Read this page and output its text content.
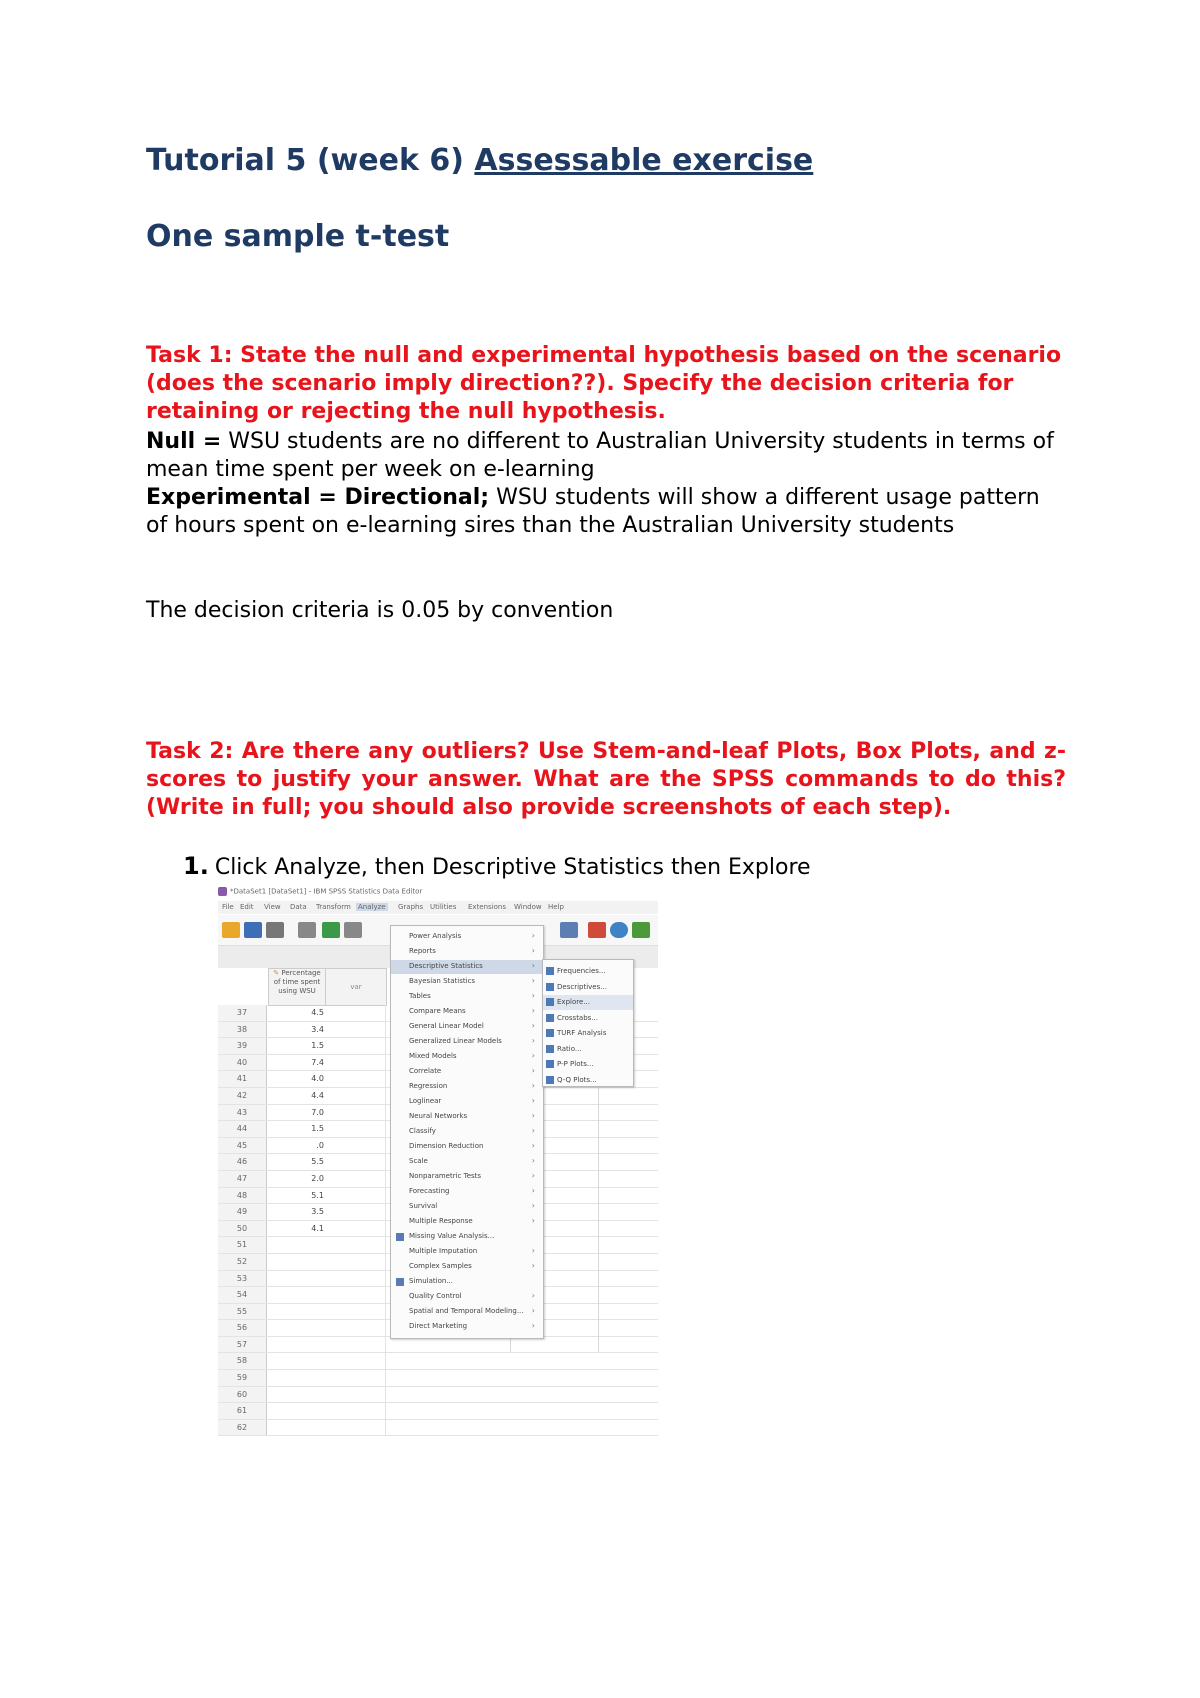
Tutorial 5 (week 6) Assessable exercise
One sample t-test
Task 1: State the null and experimental hypothesis based on the scenario (does the scenario imply direction??). Specify the decision criteria for retaining or rejecting the null hypothesis.
Null = WSU students are no different to Australian University students in terms of mean time spent per week on e-learning
Experimental = Directional; WSU students will show a different usage pattern of hours spent on e-learning sires than the Australian University students
The decision criteria is 0.05 by convention
Task 2: Are there any outliers? Use Stem-and-leaf Plots, Box Plots, and z-scores to justify your answer. What are the SPSS commands to do this? (Write in full; you should also provide screenshots of each step).
1. Click Analyze, then Descriptive Statistics then Explore
*DataSet1 [DataSet1] - IBM SPSS Statistics Data Editor
File Edit View Data Transform Analyze Graphs Utilities Extensions Window Help
✎ Percentage of time spent using WSU	var
37	4.5
38	3.4
39	1.5
40	7.4
41	4.0
42	4.4
43	7.0
44	1.5
45	.0
46	5.5
47	2.0
48	5.1
49	3.5
50	4.1
51
52
53
54
55
56
57
58
59
60
61
62
Power Analysis	›
Reports	›
Descriptive Statistics	›
Bayesian Statistics	›
Tables	›
Compare Means	›
General Linear Model	›
Generalized Linear Models	›
Mixed Models	›
Correlate	›
Regression	›
Loglinear	›
Neural Networks	›
Classify	›
Dimension Reduction	›
Scale	›
Nonparametric Tests	›
Forecasting	›
Survival	›
Multiple Response	›
Missing Value Analysis...
Multiple Imputation	›
Complex Samples	›
Simulation...
Quality Control	›
Spatial and Temporal Modeling... ›
Direct Marketing	›
Frequencies...
Descriptives...
Explore...
Crosstabs...
TURF Analysis
Ratio...
P-P Plots...
Q-Q Plots...
